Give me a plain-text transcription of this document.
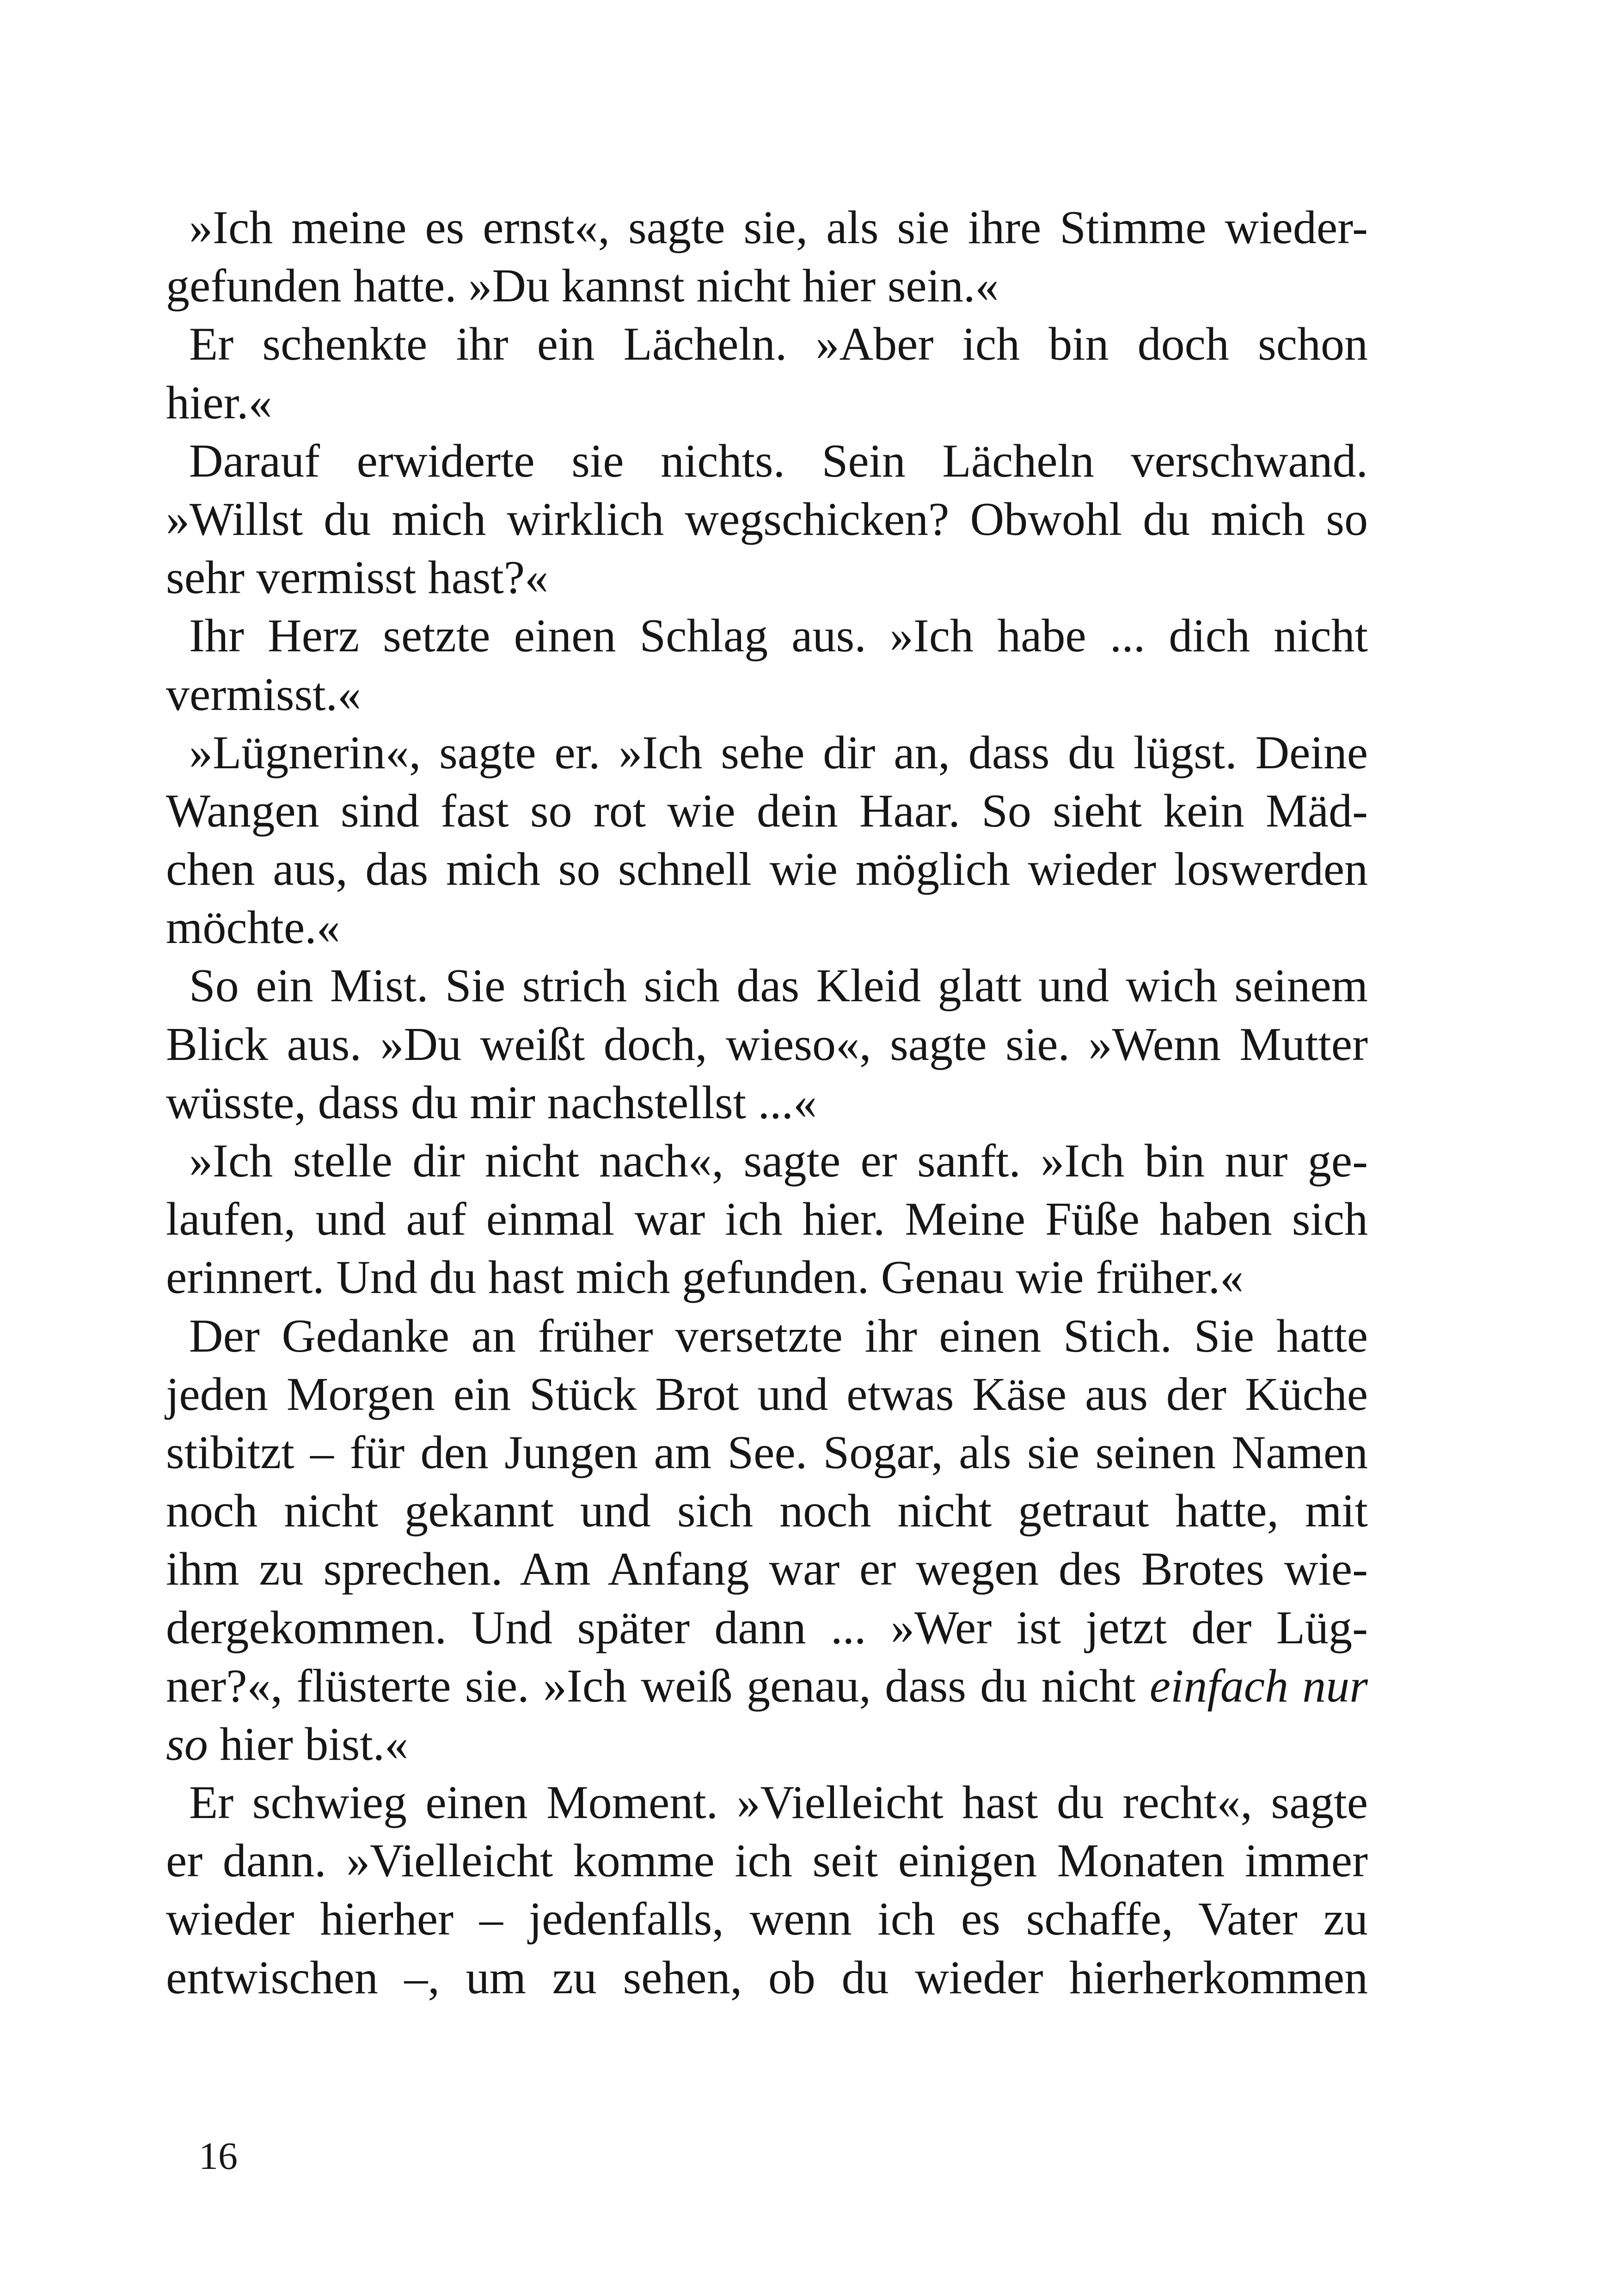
»Ich meine es ernst«, sagte sie, als sie ihre Stimme wieder-
gefunden hatte. »Du kannst nicht hier sein.«
Er schenkte ihr ein Lächeln. »Aber ich bin doch schon
hier.«
Darauf erwiderte sie nichts. Sein Lächeln verschwand.
»Willst du mich wirklich wegschicken? Obwohl du mich so
sehr vermisst hast?«
Ihr Herz setzte einen Schlag aus. »Ich habe ... dich nicht
vermisst.«
»Lügnerin«, sagte er. »Ich sehe dir an, dass du lügst. Deine
Wangen sind fast so rot wie dein Haar. So sieht kein Mäd-
chen aus, das mich so schnell wie möglich wieder loswerden
möchte.«
So ein Mist. Sie strich sich das Kleid glatt und wich seinem
Blick aus. »Du weißt doch, wieso«, sagte sie. »Wenn Mutter
wüsste, dass du mir nachstellst ...«
»Ich stelle dir nicht nach«, sagte er sanft. »Ich bin nur ge-
laufen, und auf einmal war ich hier. Meine Füße haben sich
erinnert. Und du hast mich gefunden. Genau wie früher.«
Der Gedanke an früher versetzte ihr einen Stich. Sie hatte
jeden Morgen ein Stück Brot und etwas Käse aus der Küche
stibitzt – für den Jungen am See. Sogar, als sie seinen Namen
noch nicht gekannt und sich noch nicht getraut hatte, mit
ihm zu sprechen. Am Anfang war er wegen des Brotes wie-
dergekommen. Und später dann ... »Wer ist jetzt der Lüg-
ner?«, flüsterte sie. »Ich weiß genau, dass du nicht einfach nur
so hier bist.«
Er schwieg einen Moment. »Vielleicht hast du recht«, sagte
er dann. »Vielleicht komme ich seit einigen Monaten immer
wieder hierher – jedenfalls, wenn ich es schaffe, Vater zu
entwischen –, um zu sehen, ob du wieder hierherkommen
16
